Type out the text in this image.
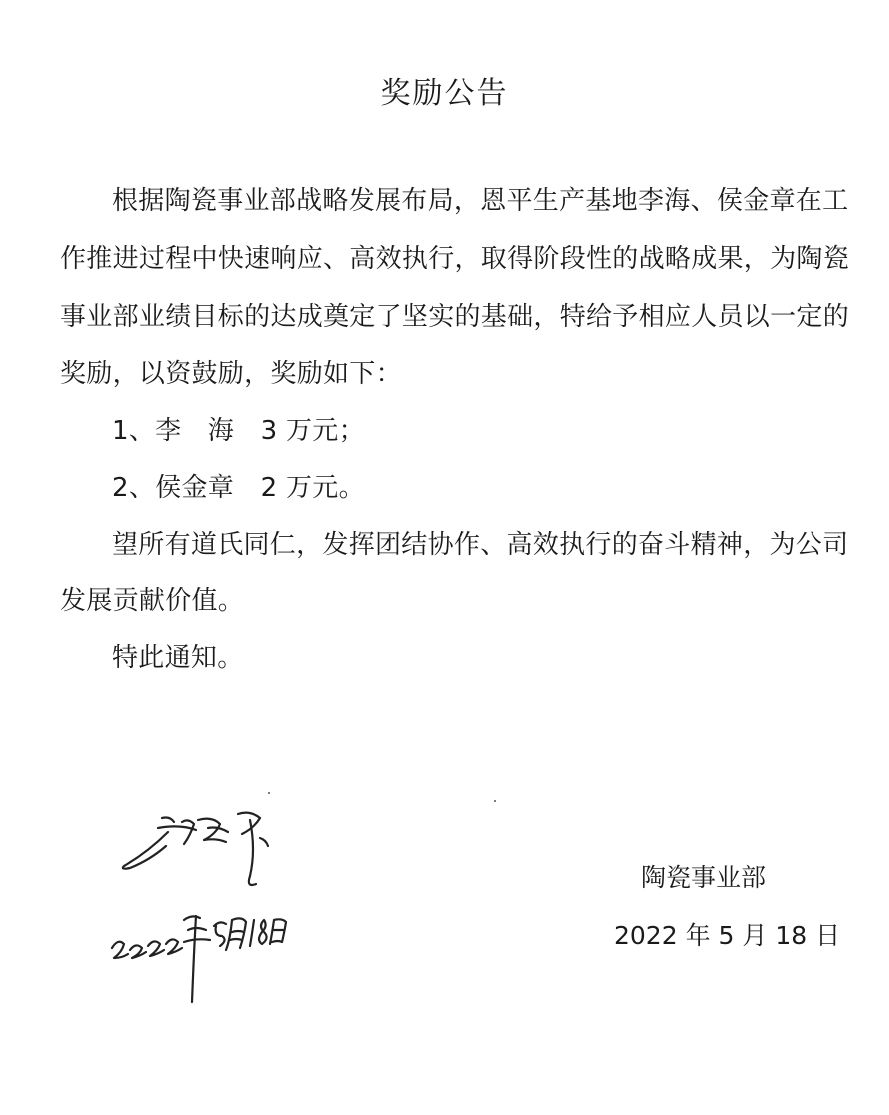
奖励公告
根据陶瓷事业部战略发展布局，恩平生产基地李海、侯金章在工
作推进过程中快速响应、高效执行，取得阶段性的战略成果，为陶瓷
事业部业绩目标的达成奠定了坚实的基础，特给予相应人员以一定的
奖励，以资鼓励，奖励如下：
1、李　海 3 万元；
2、侯金章 2 万元。
望所有道氏同仁，发挥团结协作、高效执行的奋斗精神，为公司
发展贡献价值。
特此通知。
陶瓷事业部
2022 年 5 月 18 日
